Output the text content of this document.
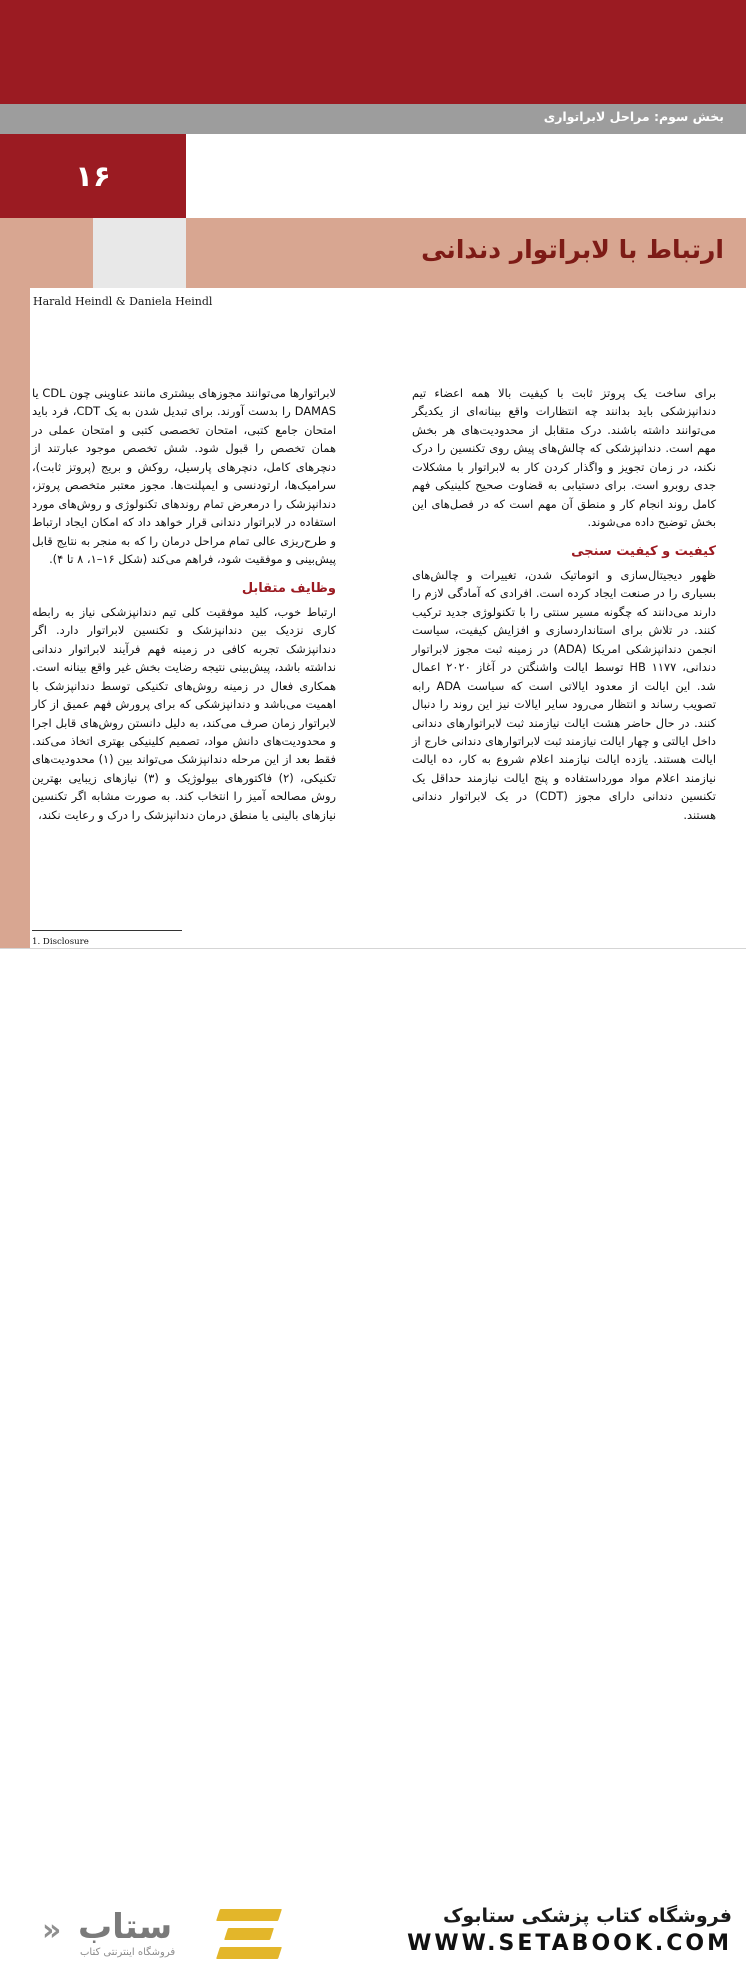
بخش سوم: مراحل لابراتواری
۱۶
ارتباط با لابراتوار دندانی
Harald Heindl & Daniela Heindl

برای ساخت یک پروتز ثابت با کیفیت بالا همه اعضاء تیم دندانپزشکی باید بدانند چه انتظارات واقع بینانه‌ای از یکدیگر می‌توانند داشته باشند. درک متقابل از محدودیت‌های هر بخش مهم است. دندانپزشکی که چالش‌های پیش روی تکنسین را درک نکند، در زمان تجویز و واگذار کردن کار به لابراتوار با مشکلات جدی روبرو است. برای دستیابی به قضاوت صحیح کلینیکی فهم کامل روند انجام کار و منطق آن مهم است که در فصل‌های این بخش توضیح داده می‌شوند.

کیفیت و کیفیت سنجی

ظهور دیجیتال‌سازی و اتوماتیک شدن، تغییرات و چالش‌های بسیاری را در صنعت ایجاد کرده است. افرادی که آمادگی لازم را دارند می‌دانند که چگونه مسیر سنتی را با تکنولوژی جدید ترکیب کنند. در تلاش برای استانداردسازی و افزایش کیفیت، سیاست انجمن دندانپزشکی امریکا (ADA) در زمینه ثبت مجوز لابراتوار دندانی، HB ۱۱۷۷ توسط ایالت واشنگتن در آغاز ۲۰۲۰ اعمال شد. این ایالت از معدود ایالاتی است که سیاست ADA رابه تصویب رساند و انتظار می‌رود سایر ایالات نیز این روند را دنبال کنند. در حال حاضر هشت ایالت نیازمند ثبت لابراتوارهای دندانی داخل ایالتی و چهار ایالت نیازمند ثبت لابراتوارهای دندانی خارج از ایالت هستند. یازده ایالت نیازمند اعلام شروع به کار، ده ایالت نیازمند اعلام مواد مورداستفاده و پنج ایالت نیازمند حداقل یک تکنسین دندانی دارای مجوز (CDT) در یک لابراتوار دندانی هستند.

لابراتوارها می‌توانند مجوزهای بیشتری مانند عناوینی چون CDL یا DAMAS را بدست آورند. برای تبدیل شدن به یک CDT، فرد باید امتحان جامع کتبی، امتحان تخصصی کتبی و امتحان عملی در همان تخصص را قبول شود. شش تخصص موجود عبارتند از دنچرهای کامل، دنچرهای پارسیل، روکش و بریج (پروتز ثابت)، سرامیک‌ها، ارتودنسی و ایمپلنت‌ها. مجوز معتبر متخصص پروتز، دندانپزشک را درمعرض تمام روندهای تکنولوژی و روش‌های مورد استفاده در لابراتوار دندانی قرار خواهد داد که امکان ایجاد ارتباط و طرح‌ریزی عالی تمام مراحل درمان را که به منجر به نتایج قابل پیش‌بینی و موفقیت شود، فراهم می‌کند (شکل ۱۶–۱، ۸ تا ۴).

وظایف متقابل

ارتباط خوب، کلید موفقیت کلی تیم دندانپزشکی نیاز به رابطه کاری نزدیک بین دندانپزشک و تکنسین لابراتوار دارد. اگر دندانپزشک تجربه کافی در زمینه فهم فرآیند لابراتوار دندانی نداشته باشد، پیش‌بینی نتیجه رضایت بخش غیر واقع بینانه است. همکاری فعال در زمینه روش‌های تکنیکی توسط دندانپزشک با اهمیت می‌باشد و دندانپزشکی که برای پرورش فهم عمیق از کار لابراتوار زمان صرف می‌کند، به دلیل دانستن روش‌های قابل اجرا و محدودیت‌های دانش مواد، تصمیم کلینیکی بهتری اتخاذ می‌کند. فقط بعد از این مرحله دندانپزشک می‌تواند بین (۱) محدودیت‌های تکنیکی، (۲) فاکتورهای بیولوژیک و (۳) نیازهای زیبایی بهترین روش مصالحه آمیز را انتخاب کند. به صورت مشابه اگر تکنسین نیازهای بالینی یا منطق درمان دندانپزشک را درک و رعایت نکند،

1. Disclosure
فروشگاه کتاب پزشکی ستابوک
WWW.SETABOOK.COM
« ستاب
فروشگاه اینترنتی کتاب
